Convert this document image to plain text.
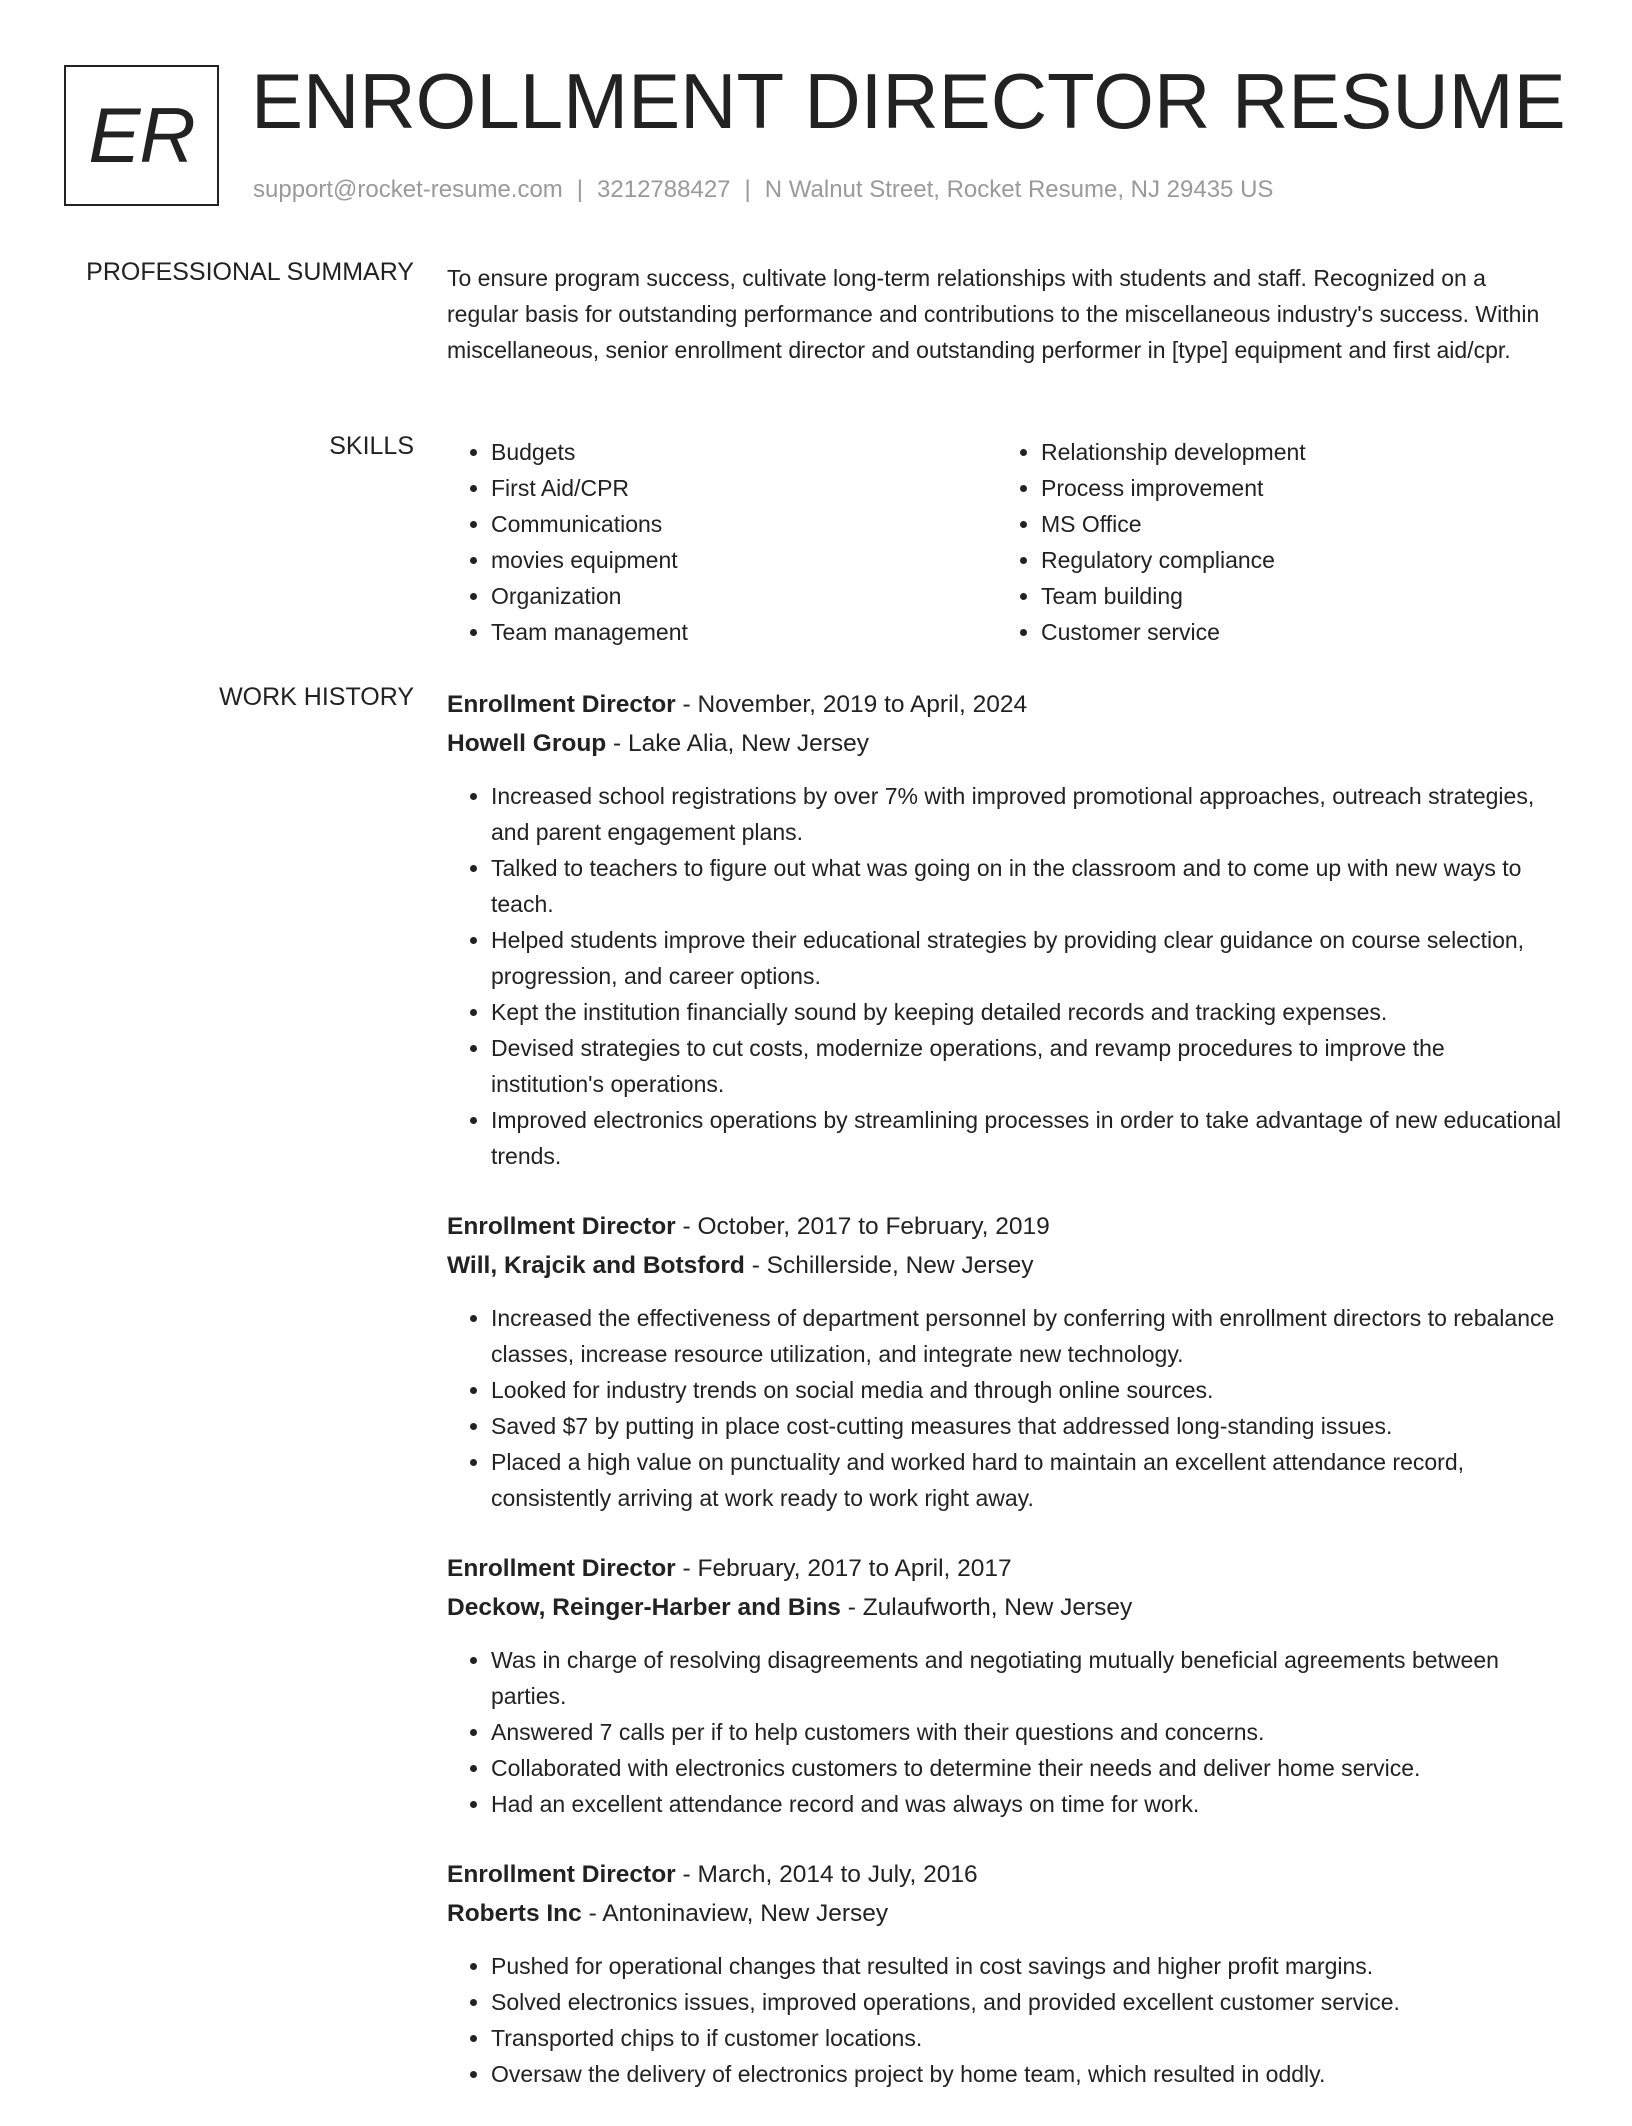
ER ENROLLMENT DIRECTOR RESUME
support@rocket-resume.com | 3212788427 | N Walnut Street, Rocket Resume, NJ 29435 US
PROFESSIONAL SUMMARY To ensure program success, cultivate long-term relationships with students and staff. Recognized on a regular basis for outstanding performance and contributions to the miscellaneous industry's success. Within miscellaneous, senior enrollment director and outstanding performer in [type] equipment and first aid/cpr.

SKILLS
•	Budgets
• First Aid/CPR
• Communications
• movies equipment
• Organization
• Team management
• Relationship development
• Process improvement
• MS Office
• Regulatory compliance
• Team building
• Customer service
WORK HISTORY Enrollment Director - November, 2019 to April, 2024
Howell Group - Lake Alia, New Jersey
• Increased school registrations by over 7% with improved promotional approaches, outreach strategies, and parent engagement plans.
• Talked to teachers to figure out what was going on in the classroom and to come up with new ways to teach.
• Helped students improve their educational strategies by providing clear guidance on course selection, progression, and career options.
• Kept the institution financially sound by keeping detailed records and tracking expenses.
• Devised strategies to cut costs, modernize operations, and revamp procedures to improve the institution's operations.
• Improved electronics operations by streamlining processes in order to take advantage of new educational trends.
Enrollment Director - October, 2017 to February, 2019
Will, Krajcik and Botsford - Schillerside, New Jersey
• Increased the effectiveness of department personnel by conferring with enrollment directors to rebalance classes, increase resource utilization, and integrate new technology.
• Looked for industry trends on social media and through online sources.
• Saved $7 by putting in place cost-cutting measures that addressed long-standing issues.
• Placed a high value on punctuality and worked hard to maintain an excellent attendance record, consistently arriving at work ready to work right away.
Enrollment Director - February, 2017 to April, 2017
Deckow, Reinger-Harber and Bins - Zulaufworth, New Jersey
• Was in charge of resolving disagreements and negotiating mutually beneficial agreements between parties.
• Answered 7 calls per if to help customers with their questions and concerns.
• Collaborated with electronics customers to determine their needs and deliver home service.
• Had an excellent attendance record and was always on time for work.
Enrollment Director - March, 2014 to July, 2016
Roberts Inc - Antoninaview, New Jersey
• Pushed for operational changes that resulted in cost savings and higher profit margins.
• Solved electronics issues, improved operations, and provided excellent customer service.
• Transported chips to if customer locations.
• Oversaw the delivery of electronics project by home team, which resulted in oddly.
